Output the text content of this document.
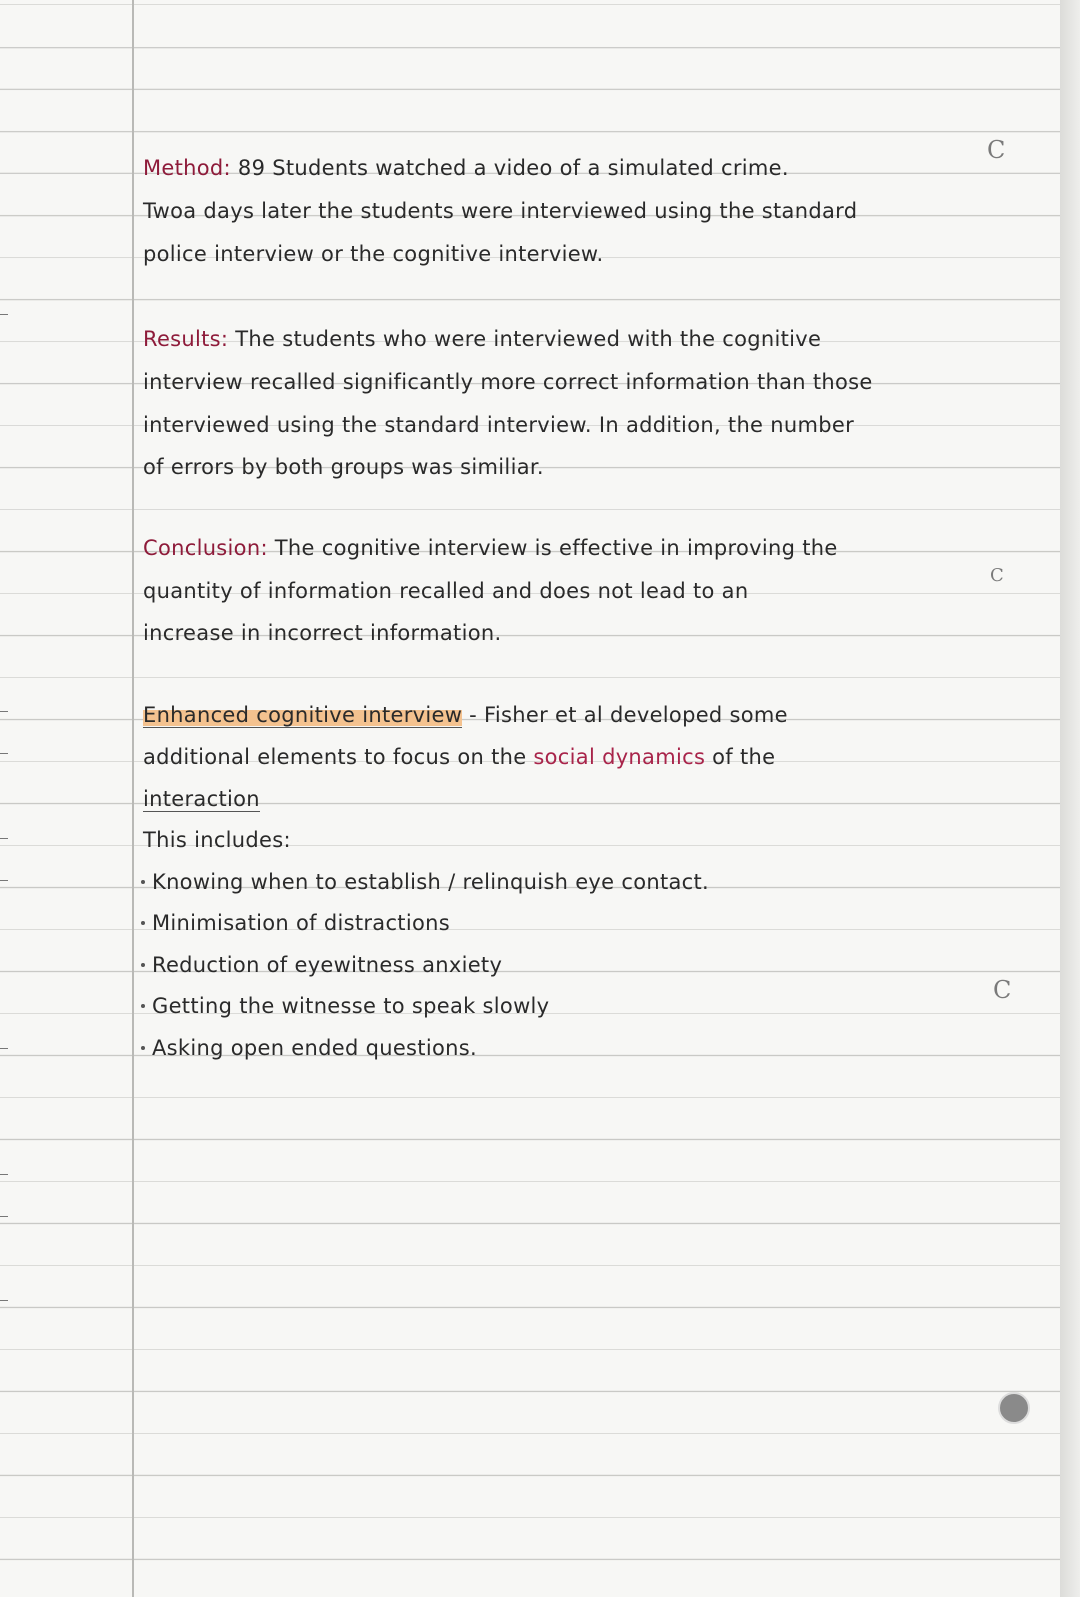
Method: 89 Students watched a video of a simulated crime.
Twoa days later the students were interviewed using the standard
police interview or the cognitive interview.
Results: The students who were interviewed with the cognitive
interview recalled significantly more correct information than those
interviewed using the standard interview. In addition, the number
of errors by both groups was similiar.
Conclusion: The cognitive interview is effective in improving the
quantity of information recalled and does not lead to an
increase in incorrect information.
Enhanced cognitive interview - Fisher et al developed some
additional elements to focus on the social dynamics of the
interaction
This includes:
Knowing when to establish / relinquish eye contact.
Minimisation of distractions
Reduction of eyewitness anxiety
Getting the witnesse to speak slowly
Asking open ended questions.
C
C
C
